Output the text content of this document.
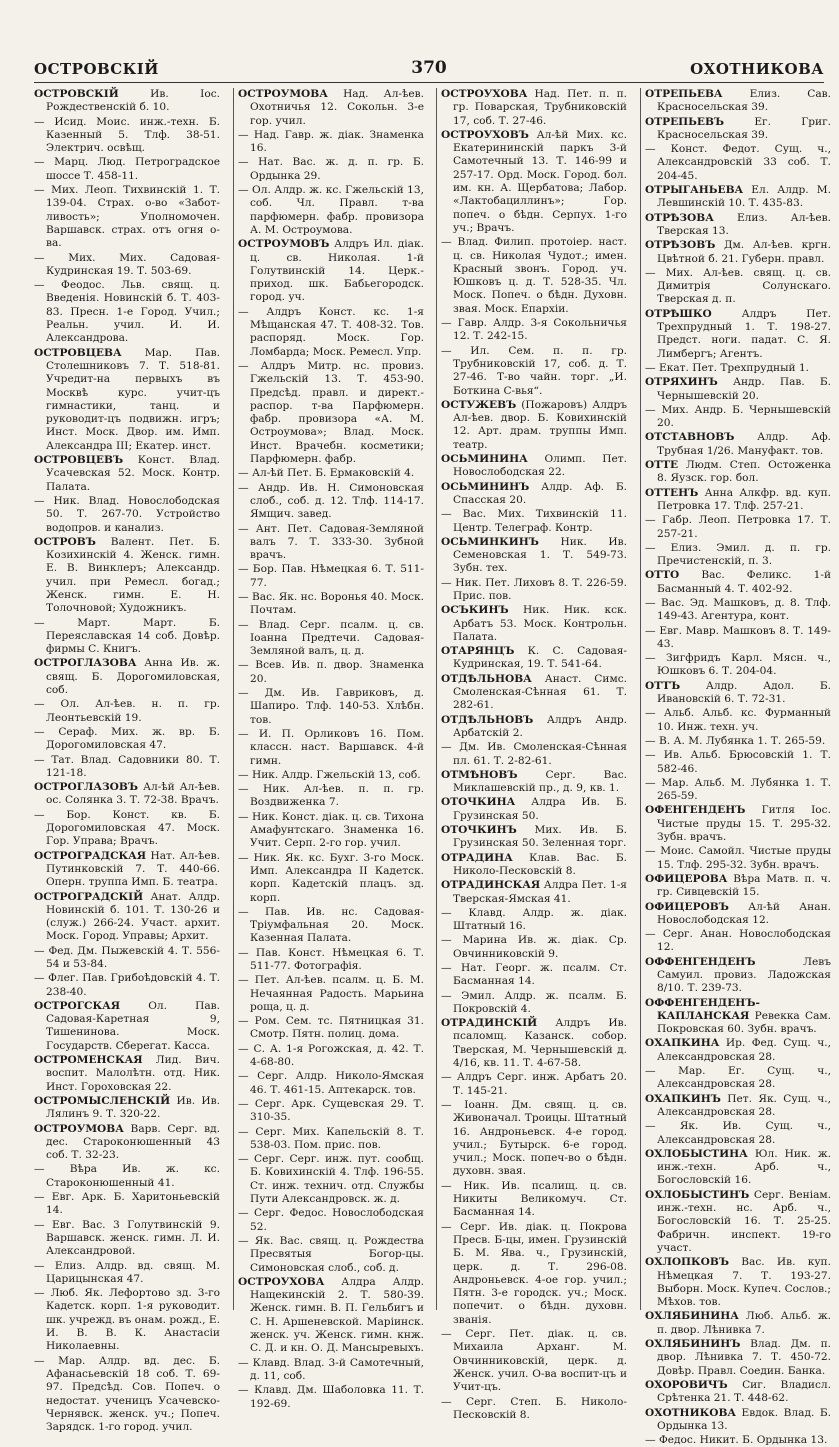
ОСТРОВСКIЙ	370	ОХОТНИКОВА
ОСТРОВСКIЙ	Ив. Iос. Рождественскiй б. 10.
— Исид. Моис. инж.-техн. Б. Казенный 5. Тлф. 38-51. Электрич. освѣщ.
— Марц. Люд. Петроградское шоссе Т. 458-11.
— Мих. Леоп. Тихвинскiй 1. Т. 139-04. Страх. о-во «Заботливость»; Уполномочен. Варшавск. страх. отъ огня о-ва.
— Мих. Мих. Садовая-Кудринская 19. Т. 503-69.
— Феодос. Льв. свящ. ц. Введенiя. Новинскiй б. Т. 403-83. Пресн. 1-е Город. Учил.; Реальн. учил. И. И. Александрова.
ОСТРОВЦЕВА Мар. Пав. Столешниковъ 7. Т. 518-81. Учредит-на первыхъ въ Москвѣ курс. учит-цъ гимнастики, танц. и руководит-цъ подвижн. игръ; Инст. Моск. Двор. им. Имп. Александра III; Екатер. инст.
ОСТРОВЦЕВЪ Конст. Влад. Усачевская 52. Моск. Контр. Палата.
— Ник. Влад. Новослободская 50. Т. 267-70. Устройство водопров. и канализ.
ОСТРОВЪ Валент. Пет. Б. Козихинскiй 4. Женск. гимн. Е. В. Винклеръ; Александр. учил. при Ремесл. богад.; Женск. гимн. Е. Н. Толочновой; Художникъ.
— Март. Март. Б. Переяславская 14 соб. Довѣр. фирмы С. Книгъ.
ОСТРОГЛАЗОВА Анна Ив. ж. свящ. Б. Дорогомиловская, соб.
— Ол. Ал-ѣев. н. п. гр. Леонтьевскiй 19.
— Сераф. Мих. ж. вр. Б. Дорогомиловская 47.
— Тат. Влад. Садовники 80. Т. 121-18.
ОСТРОГЛАЗОВЪ Ал-ѣй Ал-ѣев. ос. Солянка 3. Т. 72-38. Врачъ.
— Бор. Конст. кв. Б. Дорогомиловская 47. Моск. Гор. Управа; Врачъ.
ОСТРОГРАДСКАЯ Нат. Ал-ѣев. Путинковскiй 7. Т. 440-66. Оперн. труппа Имп. Б. театра.
ОСТРОГРАДСКIЙ Анат. Алдр. Новинскiй б. 101. Т. 130-26 и (служ.) 266-24. Участ. архит. Моск. Город. Управы; Архит.
— Фед. Дм. Пыжевскiй 4. Т. 556-54 и 53-84.
— Флег. Пав. Грибоѣдовскiй 4. Т. 238-40.
ОСТРОГСКАЯ	Ол. Пав. Садовая-Каретная 9, Тишенинова. Моск. Государств. Сберегат. Касса.
ОСТРОМЕНСКАЯ Лид. Вич. воспит. Малолѣтн. отд. Ник. Инст. Гороховская 22.
ОСТРОМЫСЛЕНСКIЙ Ив. Ив. Лялинъ 9. Т. 320-22.
ОСТРОУМОВА Варв. Серг. вд. дес. Староконюшенный 43 соб. Т. 32-23.
— Вѣра Ив. ж. кс. Староконюшенный 41.
— Евг. Арк. Б. Харитоньевскiй 14.
— Евг. Вас. 3 Голутвинскiй 9. Варшавск. женск. гимн. Л. И. Александровой.
— Елиз. Алдр. вд. свящ. М. Царицынская 47.
— Люб. Як. Лефортово зд. 3-го Кадетск. корп. 1-я руководит. шк. учрежд. въ онам. рожд., Е. И. В. В. К. Анастасiи Николаевны.
— Мар. Алдр. вд. дес. Б. Афанасьевскiй 18 соб. Т. 69-97. Предсѣд. Сов. Попеч. о недостат. ученицъ Усачевско-Чернявск. женск. уч.; Попеч. Зарядск. 1-го город. учил.
ОСТРОУМОВА Над. Ал-ѣев. Охотничья 12. Сокольн. 3-е гор. учил.
— Над. Гавр. ж. дiак. Знаменка 16.
— Нат. Вас. ж. д. п. гр. Б. Ордынка 29.
— Ол. Алдр. ж. кс. Гжельскiй 13, соб. Чл. Правл. т-ва парфюмерн. фабр. провизора А. М. Остроумова.
ОСТРОУМОВЪ Алдръ Ил. дiак. ц. св. Николая. 1-й Голутвинскiй 14. Церк.-приход. шк. Бабьегородск. город. уч.
— Алдръ Конст. кс. 1-я Мѣщанская 47. Т. 408-32. Тов. распоряд. Моск. Гор. Ломбарда; Моск. Ремесл. Упр.
— Алдръ Митр. нс. провиз. Гжельскiй 13. Т. 453-90. Предсѣд. правл. и директ.-распор. т-ва Парфюмерн. фабр. провизора «А. М. Остроумова»; Влад. Моск. Инст. Врачебн. косметики; Парфюмерн. фабр.
— Ал-ѣй Пет. Б. Ермаковскiй 4.
— Андр. Ив. Н. Симоновская слоб., соб. д. 12. Тлф. 114-17. Ямщич. завед.
— Ант. Пет. Садовая-Земляной валъ 7. Т. 333-30. Зубной врачъ.
— Бор. Пав. Нѣмецкая 6. Т. 511-77.
— Вас. Як. нс. Воронья 40. Моск. Почтам.
— Влад. Серг. псалм. ц. св. Iоанна Предтечи. Садовая-Земляной валъ, ц. д.
— Всев. Ив. п. двор. Знаменка 20.
— Дм. Ив. Гавриковъ, д. Шапиро. Тлф. 140-53. Хлѣбн. тов.
— И. П. Орликовъ 16. Пом. классн. наст. Варшавск. 4-й гимн.
— Ник. Алдр. Гжельскiй 13, соб.
— Ник. Ал-ѣев. п. п. гр. Воздвиженка 7.
— Ник. Конст. дiак. ц. св. Тихона Амафунтскаго. Знаменка 16. Учит. Серп. 2-го гор. учил.
— Ник. Як. кс. Бухг. 3-го Моск. Имп. Александра II Кадетск. корп. Кадетскiй плацъ. зд. корп.
— Пав. Ив. нс. Садовая-Трiумфальная 20. Моск. Казенная Палата.
— Пав. Конст. Нѣмецкая 6. Т. 511-77. Фотографiя.
— Пет. Ал-ѣев. псалм. ц. Б. М. Нечаянная Радость. Марьина роща, ц. д.
— Ром. Сем. тс. Пятницкая 31. Смотр. Пятн. полиц. дома.
— С. А. 1-я Рогожская, д. 42. Т. 4-68-80.
— Серг. Алдр. Николо-Ямская 46. Т. 461-15. Аптекарск. тов.
— Серг. Арк. Сущевская 29. Т. 310-35.
— Серг. Мих. Капельскiй 8. Т. 538-03. Пом. прис. пов.
— Серг. Серг. инж. пут. сообщ. Б. Ковихинскiй 4. Тлф. 196-55. Ст. инж. технич. отд. Службы Пути Александровск. ж. д.
— Серг. Федос. Новослободская 52.
— Як. Вас. свящ. ц. Рождества Пресвятыя Богор-цы. Симоновская слоб., соб. д.
ОСТРОУХОВА Алдра Алдр. Нащекинскiй 2. Т. 580-39. Женск. гимн. В. П. Гельбигъ и С. Н. Аршеневской. Марiинск. женск. уч. Женск. гимн. кнж. С. Д. и кн. О. Д. Мансыревыхъ.
— Клавд. Влад. 3-й Самотечный, д. 11, соб.
— Клавд. Дм. Шаболовка 11. Т. 192-69.
ОСТРОУХОВА Над. Пет. п. п. гр. Поварская, Трубниковскiй 17, соб. Т. 27-46.
ОСТРОУХОВЪ Ал-ѣй Мих. кс. Екатерининскiй паркъ 3-й Самотечный 13. Т. 146-99 и 257-17. Орд. Моск. Город. бол. им. кн. А. Щербатова; Лабор. «Лактобациллинъ»; Гор. попеч. о бѣдн. Серпух. 1-го уч.; Врачъ.
— Влад. Филип. протоiер. наст. ц. св. Николая Чудот.; имен. Красный звонъ. Город. уч. Юшковъ ц. д. Т. 528-35. Чл. Моск. Попеч. о бѣдн. Духовн. звая. Моск. Епархiи.
— Гавр. Алдр. 3-я Сокольничья 12. Т. 242-15.
— Ил. Сем. п. п. гр. Трубниковскiй 17, соб. д. Т. 27-46. Т-во чайн. торг. „И. Боткина С-вья“.
ОСТУЖЕВЪ (Пожаровъ) Алдръ Ал-ѣев. двор. Б. Ковихинскiй 12. Арт. драм. труппы Имп. театр.
ОСЬМИНИНА Олимп. Пет. Новослободская 22.
ОСЬМИНИНЪ Алдр. Аф. Б. Спасская 20.
— Вас. Мих. Тихвинскiй 11. Центр. Телеграф. Контр.
ОСЬМИНКИНЪ Ник. Ив. Семеновская 1. Т. 549-73. Зубн. тех.
— Ник. Пет. Лиховъ 8. Т. 226-59. Прис. пов.
ОСЪКИНЪ Ник. Ник. кск. Арбатъ 53. Моск. Контрольн. Палата.
ОТАРЯНЦЪ К. С. Садовая-Кудринская, 19. Т. 541-64.
ОТДѢЛЬНОВА Анаст. Симс. Смоленская-Сѣнная 61. Т. 282-61.
ОТДѢЛЬНОВЪ Алдръ Андр. Арбатскiй 2.
— Дм. Ив. Смоленская-Сѣнная пл. 61. Т. 2-82-61.
ОТМѢНОВЪ	Серг. Вас. Миклашевскiй пр., д. 9, кв. 1.
ОТОЧКИНА Алдра Ив. Б. Грузинская 50.
ОТОЧКИНЪ Мих. Ив. Б. Грузинская 50. Зеленная торг.
ОТРАДИНА Клав. Вас. Б. Николо-Песковскiй 8.
ОТРАДИНСКАЯ Алдра Пет. 1-я Тверская-Ямская 41.
— Клавд. Алдр. ж. дiак. Штатный 16.
— Марина Ив. ж. дiак. Ср. Овчинниковскiй 9.
— Нат. Георг. ж. псалм. Ст. Басманная 14.
— Эмил. Алдр. ж. псалм. Б. Покровскiй 4.
ОТРАДИНСКIЙ Алдръ Ив. псаломщ. Казанск. собор. Тверская, М. Чернышевскiй д. 4/16, кв. 11. Т. 4-67-58.
— Алдръ Серг. инж. Арбатъ 20. Т. 145-21.
— Iоанн. Дм. свящ. ц. св. Живоначал. Троицы. Штатный 16. Андроньевск. 4-е город. учил.; Бутырск. 6-е город. учил.; Моск. попеч-во о бѣдн. духовн. звая.
— Ник. Ив. псалищ. ц. св. Никиты Великомуч. Ст. Басманная 14.
— Серг. Ив. дiак. ц. Покрова Пресв. Б-цы, имен. Грузинскiй Б. М. Ява. ч., Грузинскiй, церк. д. Т. 296-08. Андроньевск. 4-ое гор. учил.; Пятн. 3-е городск. уч.; Моск. попечит. о бѣдн. духовн. званiя.
— Серг. Пет. дiак. ц. св. Михаила Арханг. М. Овчинниковскiй, церк. д. Женск. учил. О-ва воспит-цъ и Учит-цъ.
— Серг. Степ. Б. Николо-Песковскiй 8.
ОТРЕПЬЕВА	Елиз. Сав. Красносельская 39.
ОТРЕПЬЕВЪ	Ег. Григ. Красносельская 39.
— Конст. Федот. Сущ. ч., Александровскiй 33 соб. Т. 204-45.
ОТРЫГАНЬЕВА Ел. Алдр. М. Левшинскiй 10. Т. 435-83.
ОТРѢЗОВА Елиз. Ал-ѣев. Тверская 13.
ОТРѢЗОВЪ Дм. Ал-ѣев. кргн. Цвѣтной б. 21. Губерн. правл.
— Мих. Ал-ѣев. свящ. ц. св. Димитрiя Солунскаго. Тверская д. п.
ОТРѢШКО	Алдръ Пет. Трехпрудный 1. Т. 198-27. Предст. ноги. падат. С. Я. Лимбергъ; Агентъ.
— Екат. Пет. Трехпрудный 1.
ОТРЯХИНЪ Андр. Пав. Б. Чернышевскiй 20.
— Мих. Андр. Б. Чернышевскiй 20.
ОТСТАВНОВЪ Алдр. Аф. Трубная 1/26. Мануфакт. тов.
ОТТЕ Людм. Степ. Остоженка 8. Яузск. гор. бол.
ОТТЕНЪ Анна Алкфр. вд. куп. Петровка 17. Тлф. 257-21.
— Габр. Леоп. Петровка 17. Т. 257-21.
— Елиз. Эмил. д. п. гр. Пречистенскiй, п. 3.
ОТТО Вас. Феликс. 1-й Басманный 4. Т. 402-92.
— Вас. Эд. Машковъ, д. 8. Тлф. 149-43. Агентура, конт.
— Евг. Мавр. Машковъ 8. Т. 149-43.
— Зигфридъ Карл. Мясн. ч., Юшковъ 6. Т. 204-04.
ОТТЪ Алдр. Адол. Б. Ивановскiй 6. Т. 72-31.
— Альб. Альб. кс. Фурманный 10. Инж. техн. уч.
— В. А. М. Лубянка 1. Т. 265-59.
— Ив. Альб. Брюсовскiй 1. Т. 582-46.
— Мар. Альб. М. Лубянка 1. Т. 265-59.
ОФЕНГЕНДЕНЪ Гитля Iос. Чистые пруды 15. Т. 295-32. Зубн. врачъ.
— Моис. Самойл. Чистые пруды 15. Тлф. 295-32. Зубн. врачъ.
ОФИЦЕРОВА Вѣра Матв. п. ч. гр. Сивцевскiй 15.
ОФИЦЕРОВЪ Ал-ѣй Анан. Новослободская 12.
— Серг. Анан. Новослободская 12.
ОФФЕНГЕНДЕНЪ	Левъ Самуил. провиз. Ладожская 8/10. Т. 239-73.
ОФФЕНГЕНДЕНЪ-КАПЛАНСКАЯ Ревекка Сам. Покровская 60. Зубн. врачъ.
ОХАПКИНА Ир. Фед. Сущ. ч., Александровская 28.
— Мар. Ег. Сущ. ч., Александровская 28.
ОХАПКИНЪ Пет. Як. Сущ. ч., Александровская 28.
— Як. Ив. Сущ. ч., Александровская 28.
ОХЛОБЫСТИНА Юл. Ник. ж. инж.-техн. Арб. ч., Богословскiй 16.
ОХЛОБЫСТИНЪ Серг. Венiам. инж.-техн. нс. Арб. ч., Богословскiй 16. Т. 25-25. Фабричн. инспект. 19-го участ.
ОХЛОПКОВЪ Вас. Ив. куп. Нѣмецкая 7. Т. 193-27. Выборн. Моск. Купеч. Сослов.; Мѣхов. тов.
ОХЛЯБИНИНА Люб. Альб. ж. п. двор. Лѣнивка 7.
ОХЛЯБИНИНЪ Влад. Дм. п. двор. Лѣнивка 7. Т. 450-72. Довѣр. Правл. Соедин. Банка.
ОХОРОВИЧЪ Сиг. Владисл. Срѣтенка 21. Т. 448-62.
ОХОТНИКОВА Евдок. Влад. Б. Ордынка 13.
— Федос. Никит. Б. Ордынка 13.
